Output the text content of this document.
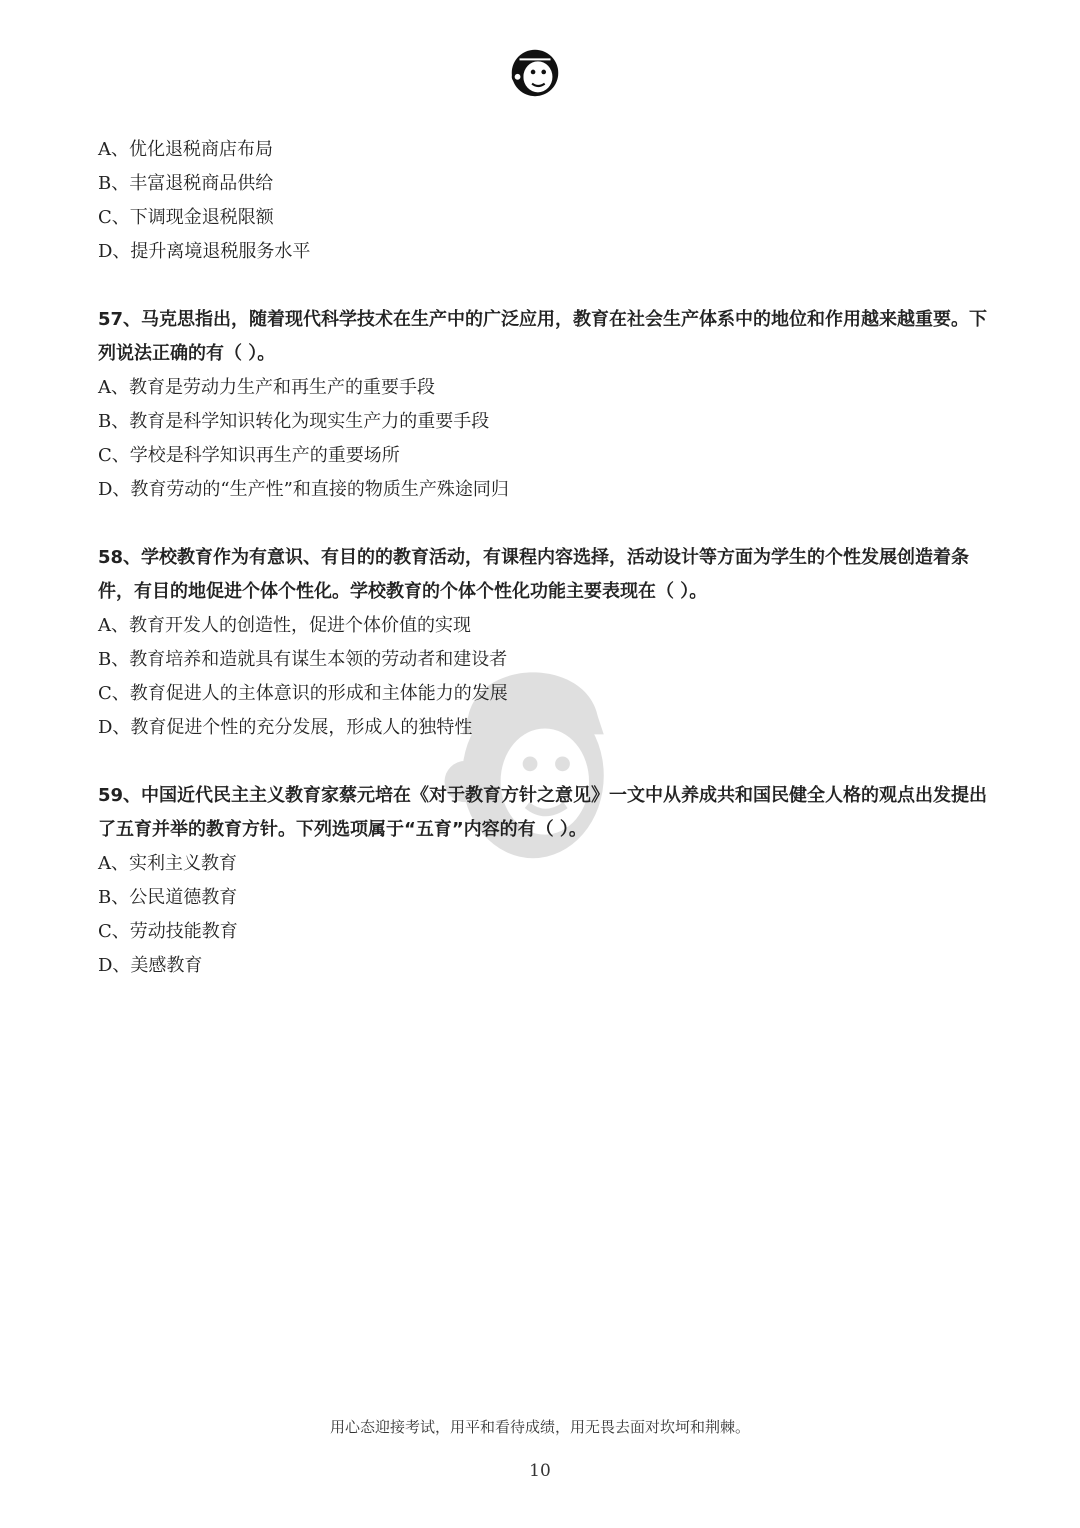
A、优化退税商店布局
B、丰富退税商品供给
C、下调现金退税限额
D、提升离境退税服务水平
57、马克思指出，随着现代科学技术在生产中的广泛应用，教育在社会生产体系中的地位和作用越来越重要。下列说法正确的有（ ）。
A、教育是劳动力生产和再生产的重要手段
B、教育是科学知识转化为现实生产力的重要手段
C、学校是科学知识再生产的重要场所
D、教育劳动的“生产性”和直接的物质生产殊途同归
58、学校教育作为有意识、有目的的教育活动，有课程内容选择，活动设计等方面为学生的个性发展创造着条件，有目的地促进个体个性化。学校教育的个体个性化功能主要表现在（ ）。
A、教育开发人的创造性，促进个体价值的实现
B、教育培养和造就具有谋生本领的劳动者和建设者
C、教育促进人的主体意识的形成和主体能力的发展
D、教育促进个性的充分发展，形成人的独特性
59、中国近代民主主义教育家蔡元培在《对于教育方针之意见》一文中从养成共和国民健全人格的观点出发提出了五育并举的教育方针。下列选项属于“五育”内容的有（ ）。
A、实利主义教育
B、公民道德教育
C、劳动技能教育
D、美感教育
用心态迎接考试，用平和看待成绩，用无畏去面对坎坷和荆棘。
10
